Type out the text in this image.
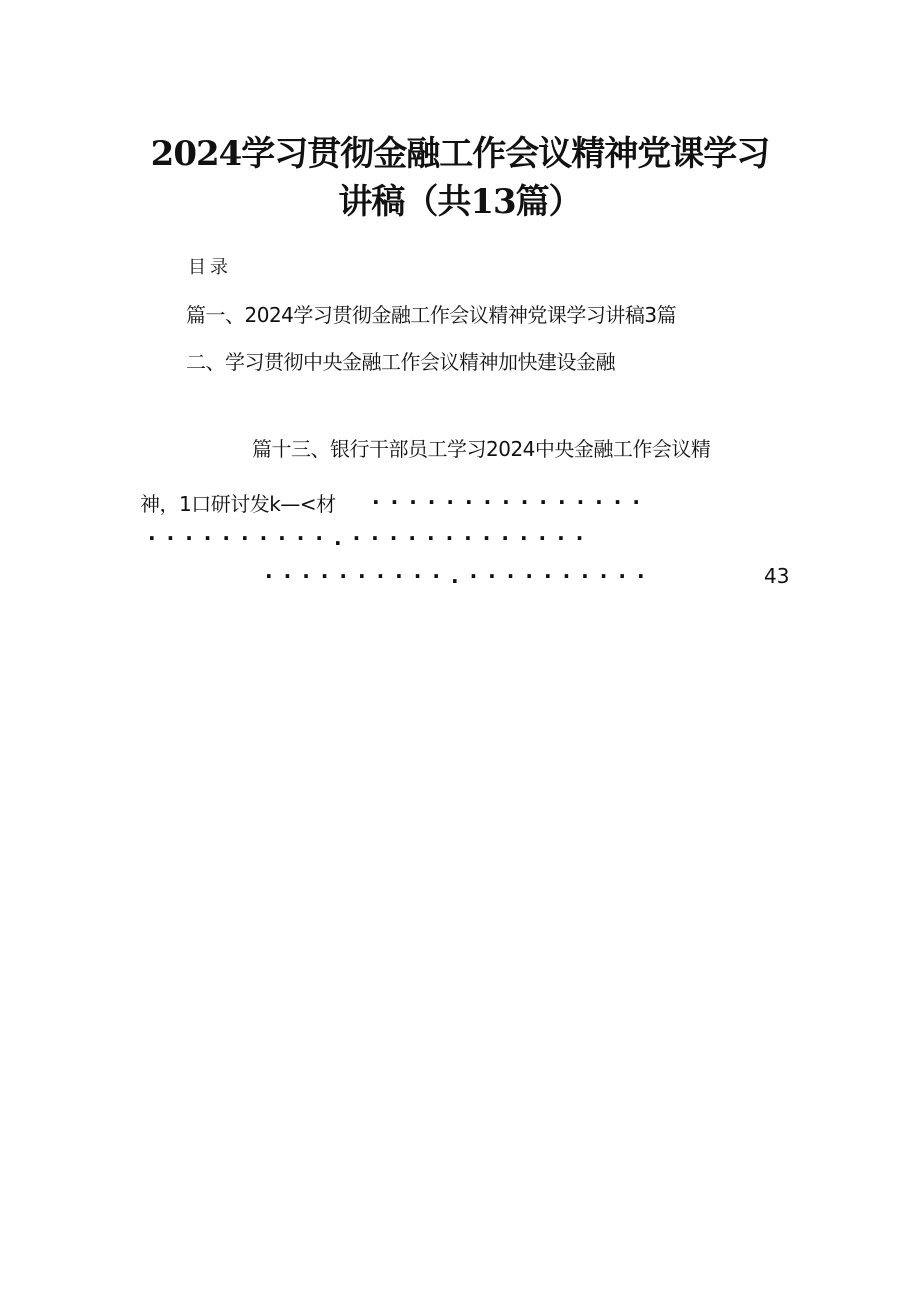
2024学习贯彻金融工作会议精神党课学习
讲稿（共13篇）
目录
篇一、2024学习贯彻金融工作会议精神党课学习讲稿3篇
二、学习贯彻中央金融工作会议精神加快建设金融
篇十三、银行干部员工学习2024中央金融工作会议精
神，1口研讨发k—<材 ···············
··········.·············
··········.··········	43
